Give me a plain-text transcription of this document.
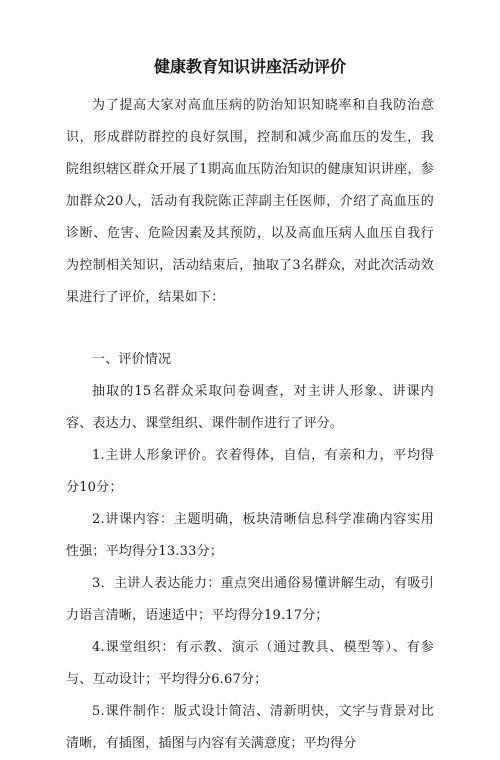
健康教育知识讲座活动评价

为了提高大家对高血压病的防治知识知晓率和自我防治意识，形成群防群控的良好氛围，控制和减少高血压的发生，我院组织辖区群众开展了1期高血压防治知识的健康知识讲座，参加群众20人，活动有我院陈正萍副主任医师，介绍了高血压的诊断、危害、危险因素及其预防，以及高血压病人血压自我行为控制相关知识，活动结束后，抽取了3名群众，对此次活动效果进行了评价，结果如下：

一、评价情况

抽取的15名群众采取问卷调查，对主讲人形象、讲课内容、表达力、课堂组织、课件制作进行了评分。

1.主讲人形象评价。衣着得体，自信，有亲和力，平均得分10分；

2.讲课内容：主题明确，板块清晰信息科学准确内容实用性强；平均得分13.33分；

3．主讲人表达能力：重点突出通俗易懂讲解生动，有吸引力语言清晰，语速适中；平均得分19.17分；

4.课堂组织：有示教、演示（通过教具、模型等）、有参与、互动设计；平均得分6.67分；

5.课件制作：版式设计简洁、清新明快，文字与背景对比清晰，有插图，插图与内容有关满意度；平均得分
